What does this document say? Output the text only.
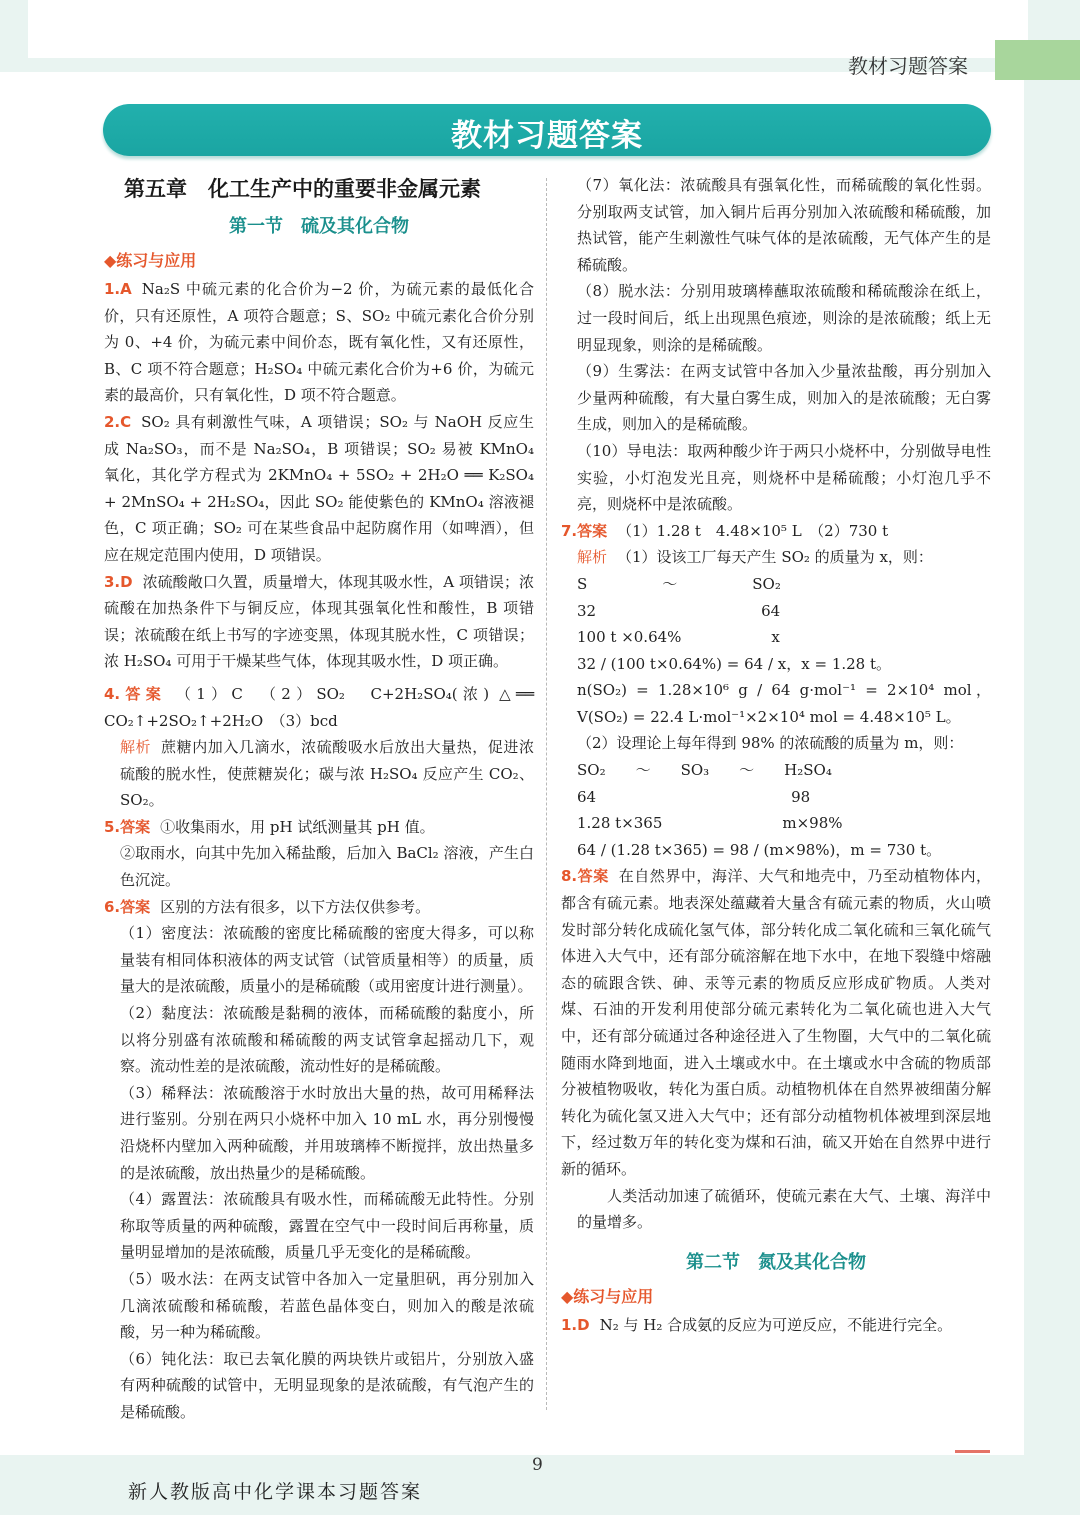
教材习题答案
教材习题答案
第五章　化工生产中的重要非金属元素
第一节　硫及其化合物
◆练习与应用

1.A Na₂S 中硫元素的化合价为−2 价，为硫元素的最低化合价，只有还原性，A 项符合题意；S、SO₂ 中硫元素化合价分别为 0、+4 价，为硫元素中间价态，既有氧化性，又有还原性，B、C 项不符合题意；H₂SO₄ 中硫元素化合价为+6 价，为硫元素的最高价，只有氧化性，D 项不符合题意。

2.C SO₂ 具有刺激性气味，A 项错误；SO₂ 与 NaOH 反应生成 Na₂SO₃，而不是 Na₂SO₄，B 项错误；SO₂ 易被 KMnO₄ 氧化，其化学方程式为 2KMnO₄ + 5SO₂ + 2H₂O ══ K₂SO₄ + 2MnSO₄ + 2H₂SO₄，因此 SO₂ 能使紫色的 KMnO₄ 溶液褪色，C 项正确；SO₂ 可在某些食品中起防腐作用（如啤酒），但应在规定范围内使用，D 项错误。

3.D 浓硫酸敞口久置，质量增大，体现其吸水性，A 项错误；浓硫酸在加热条件下与铜反应，体现其强氧化性和酸性，B 项错误；浓硫酸在纸上书写的字迹变黑，体现其脱水性，C 项错误；浓 H₂SO₄ 可用于干燥某些气体，体现其吸水性，D 项正确。

4.答案 （1）C　（2）SO₂　C+2H₂SO₄(浓) △══ CO₂↑+2SO₂↑+2H₂O　（3）bcd

解析 蔗糖内加入几滴水，浓硫酸吸水后放出大量热，促进浓硫酸的脱水性，使蔗糖炭化；碳与浓 H₂SO₄ 反应产生 CO₂、SO₂。

5.答案 ①收集雨水，用 pH 试纸测量其 pH 值。

②取雨水，向其中先加入稀盐酸，后加入 BaCl₂ 溶液，产生白色沉淀。

6.答案 区别的方法有很多，以下方法仅供参考。

（1）密度法：浓硫酸的密度比稀硫酸的密度大得多，可以称量装有相同体积液体的两支试管（试管质量相等）的质量，质量大的是浓硫酸，质量小的是稀硫酸（或用密度计进行测量）。

（2）黏度法：浓硫酸是黏稠的液体，而稀硫酸的黏度小，所以将分别盛有浓硫酸和稀硫酸的两支试管拿起摇动几下，观察。流动性差的是浓硫酸，流动性好的是稀硫酸。

（3）稀释法：浓硫酸溶于水时放出大量的热，故可用稀释法进行鉴别。分别在两只小烧杯中加入 10 mL 水，再分别慢慢沿烧杯内壁加入两种硫酸，并用玻璃棒不断搅拌，放出热量多的是浓硫酸，放出热量少的是稀硫酸。

（4）露置法：浓硫酸具有吸水性，而稀硫酸无此特性。分别称取等质量的两种硫酸，露置在空气中一段时间后再称量，质量明显增加的是浓硫酸，质量几乎无变化的是稀硫酸。

（5）吸水法：在两支试管中各加入一定量胆矾，再分别加入几滴浓硫酸和稀硫酸，若蓝色晶体变白，则加入的酸是浓硫酸，另一种为稀硫酸。

（6）钝化法：取已去氧化膜的两块铁片或铝片，分别放入盛有两种硫酸的试管中，无明显现象的是浓硫酸，有气泡产生的是稀硫酸。

（7）氧化法：浓硫酸具有强氧化性，而稀硫酸的氧化性弱。分别取两支试管，加入铜片后再分别加入浓硫酸和稀硫酸，加热试管，能产生刺激性气味气体的是浓硫酸，无气体产生的是稀硫酸。

（8）脱水法：分别用玻璃棒蘸取浓硫酸和稀硫酸涂在纸上，过一段时间后，纸上出现黑色痕迹，则涂的是浓硫酸；纸上无明显现象，则涂的是稀硫酸。

（9）生雾法：在两支试管中各加入少量浓盐酸，再分别加入少量两种硫酸，有大量白雾生成，则加入的是浓硫酸；无白雾生成，则加入的是稀硫酸。

（10）导电法：取两种酸少许于两只小烧杯中，分别做导电性实验，小灯泡发光且亮，则烧杯中是稀硫酸；小灯泡几乎不亮，则烧杯中是浓硫酸。

7.答案 （1）1.28 t　4.48×10⁵ L　（2）730 t

解析 （1）设该工厂每天产生 SO₂ 的质量为 x，则：

S　　　　　～　　　　　SO₂

32　　　　　　　　　　　64

100 t ×0.64%　　　　　　x

32 / (100 t×0.64%) = 64 / x，x = 1.28 t。

n(SO₂) = 1.28×10⁶ g / 64 g·mol⁻¹ = 2×10⁴ mol，V(SO₂) = 22.4 L·mol⁻¹×2×10⁴ mol = 4.48×10⁵ L。

（2）设理论上每年得到 98% 的浓硫酸的质量为 m，则：

SO₂　　～　　SO₃　　～　　H₂SO₄

64　　　　　　　　　　　　　98

1.28 t×365　　　　　　　　m×98%

64 / (1.28 t×365) = 98 / (m×98%)，m = 730 t。

8.答案 在自然界中，海洋、大气和地壳中，乃至动植物体内，都含有硫元素。地表深处蕴藏着大量含有硫元素的物质，火山喷发时部分转化成硫化氢气体，部分转化成二氧化硫和三氧化硫气体进入大气中，还有部分硫溶解在地下水中，在地下裂缝中熔融态的硫跟含铁、砷、汞等元素的物质反应形成矿物质。人类对煤、石油的开发利用使部分硫元素转化为二氧化硫也进入大气中，还有部分硫通过各种途径进入了生物圈，大气中的二氧化硫随雨水降到地面，进入土壤或水中。在土壤或水中含硫的物质部分被植物吸收，转化为蛋白质。动植物机体在自然界被细菌分解转化为硫化氢又进入大气中；还有部分动植物机体被埋到深层地下，经过数万年的转化变为煤和石油，硫又开始在自然界中进行新的循环。

人类活动加速了硫循环，使硫元素在大气、土壤、海洋中的量增多。

第二节　氮及其化合物
◆练习与应用

1.D N₂ 与 H₂ 合成氨的反应为可逆反应，不能进行完全。

9
新人教版高中化学课本习题答案
